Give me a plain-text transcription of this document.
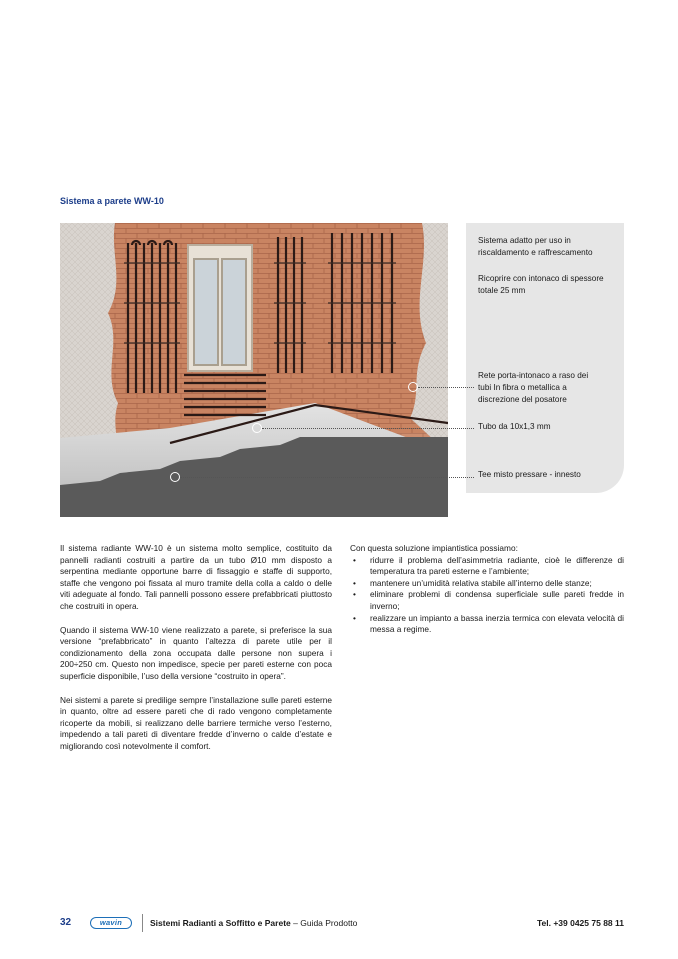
Sistema a parete WW-10
Sistema adatto per uso in riscaldamento e raffrescamento
Ricoprire con intonaco di spessore totale 25 mm
Rete porta-intonaco a raso dei tubi In fibra o metallica a discrezione del posatore
Tubo da 10x1,3 mm
Tee misto pressare - innesto

Il sistema radiante WW-10 è un sistema molto semplice, costituito da pannelli radianti costruiti a partire da un tubo Ø10 mm disposto a serpentina mediante opportune barre di fissaggio e staffe di supporto, staffe che vengono poi fissata al muro tramite della colla a caldo o delle viti adeguate al fondo. Tali pannelli possono essere prefabbricati piuttosto che costruiti in opera.

Quando il sistema WW-10 viene realizzato a parete, si preferisce la sua versione “prefabbricato” in quanto l’altezza di parete utile per il condizionamento della zona occupata dalle persone non supera i 200÷250 cm. Questo non impedisce, specie per pareti esterne con poca superficie disponibile, l’uso della versione “costruito in opera”.

Nei sistemi a parete si predilige sempre l’installazione sulle pareti esterne in quanto, oltre ad essere pareti che di rado vengono completamente ricoperte da mobili, si realizzano delle barriere termiche verso l’esterno, impedendo a tali pareti di diventare fredde d’inverno o calde d’estate e migliorando così notevolmente il comfort.

Con questa soluzione impiantistica possiamo:

• ridurre il problema dell’asimmetria radiante, cioè le differenze di temperatura tra pareti esterne e l’ambiente;
• mantenere un’umidità relativa stabile all’interno delle stanze;
• eliminare problemi di condensa superficiale sulle pareti fredde in inverno;
• realizzare un impianto a bassa inerzia termica con elevata velocità di messa a regime.
32	wavin	Sistemi Radianti a Soffitto e Parete – Guida Prodotto	Tel. +39 0425 75 88 11
